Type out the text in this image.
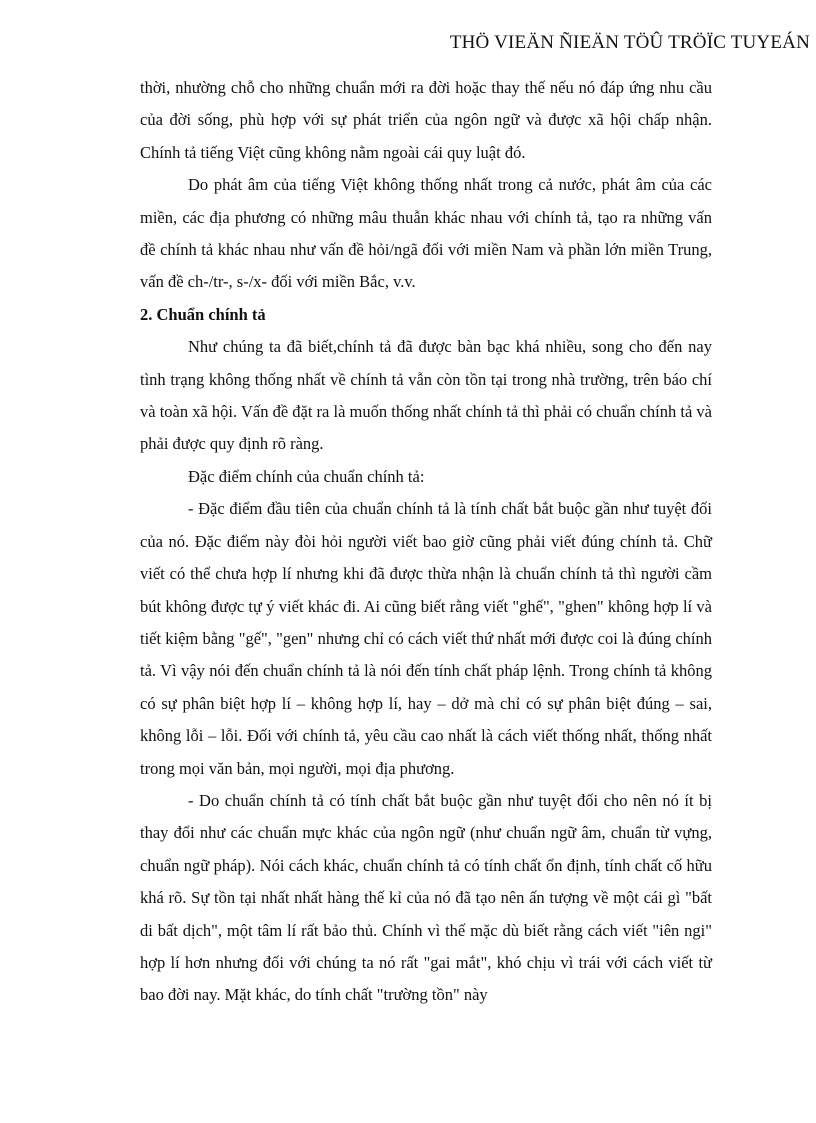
THÖ VIEÄN ÑIEÄN TÖÛ TRÖÏC TUYEÁN

thời, nhường chỗ cho những chuẩn mới ra đời hoặc thay thế nếu nó đáp ứng nhu cầu của đời sống, phù hợp với sự phát triển của ngôn ngữ và được xã hội chấp nhận. Chính tả tiếng Việt cũng không nằm ngoài cái quy luật đó.

Do phát âm của tiếng Việt không thống nhất trong cả nước, phát âm của các miền, các địa phương có những mâu thuẫn khác nhau với chính tả, tạo ra những vấn đề chính tả khác nhau như vấn đề hỏi/ngã đối với miền Nam và phần lớn miền Trung, vấn đề ch-/tr-, s-/x- đối với miền Bắc, v.v.

2. Chuẩn chính tả

Như chúng ta đã biết,chính tả đã được bàn bạc khá nhiều, song cho đến nay tình trạng không thống nhất về chính tả vẫn còn tồn tại trong nhà trường, trên báo chí và toàn xã hội. Vấn đề đặt ra là muốn thống nhất chính tả thì phải có chuẩn chính tả và phải được quy định rõ ràng.

Đặc điểm chính của chuẩn chính tả:

- Đặc điểm đầu tiên của chuẩn chính tả là tính chất bắt buộc gần như tuyệt đối của nó. Đặc điểm này đòi hỏi người viết bao giờ cũng phải viết đúng chính tả. Chữ viết có thể chưa hợp lí nhưng khi đã được thừa nhận là chuẩn chính tả thì người cầm bút không được tự ý viết khác đi. Ai cũng biết rằng viết "ghế", "ghen" không hợp lí và tiết kiệm bằng "gế", "gen" nhưng chỉ có cách viết thứ nhất mới được coi là đúng chính tả. Vì vậy nói đến chuẩn chính tả là nói đến tính chất pháp lệnh. Trong chính tả không có sự phân biệt hợp lí – không hợp lí, hay – dở mà chỉ có sự phân biệt đúng – sai, không lỗi – lỗi. Đối với chính tả, yêu cầu cao nhất là cách viết thống nhất, thống nhất trong mọi văn bản, mọi người, mọi địa phương.

- Do chuẩn chính tả có tính chất bắt buộc gần như tuyệt đối cho nên nó ít bị thay đổi như các chuẩn mực khác của ngôn ngữ (như chuẩn ngữ âm, chuẩn từ vựng, chuẩn ngữ pháp). Nói cách khác, chuẩn chính tả có tính chất ổn định, tính chất cố hữu khá rõ. Sự tồn tại nhất nhất hàng thế kỉ của nó đã tạo nên ấn tượng về một cái gì "bất di bất dịch", một tâm lí rất bảo thủ. Chính vì thế mặc dù biết rằng cách viết "iên ngi" hợp lí hơn nhưng đối với chúng ta nó rất "gai mắt", khó chịu vì trái với cách viết từ bao đời nay. Mặt khác, do tính chất "trường tồn" này
